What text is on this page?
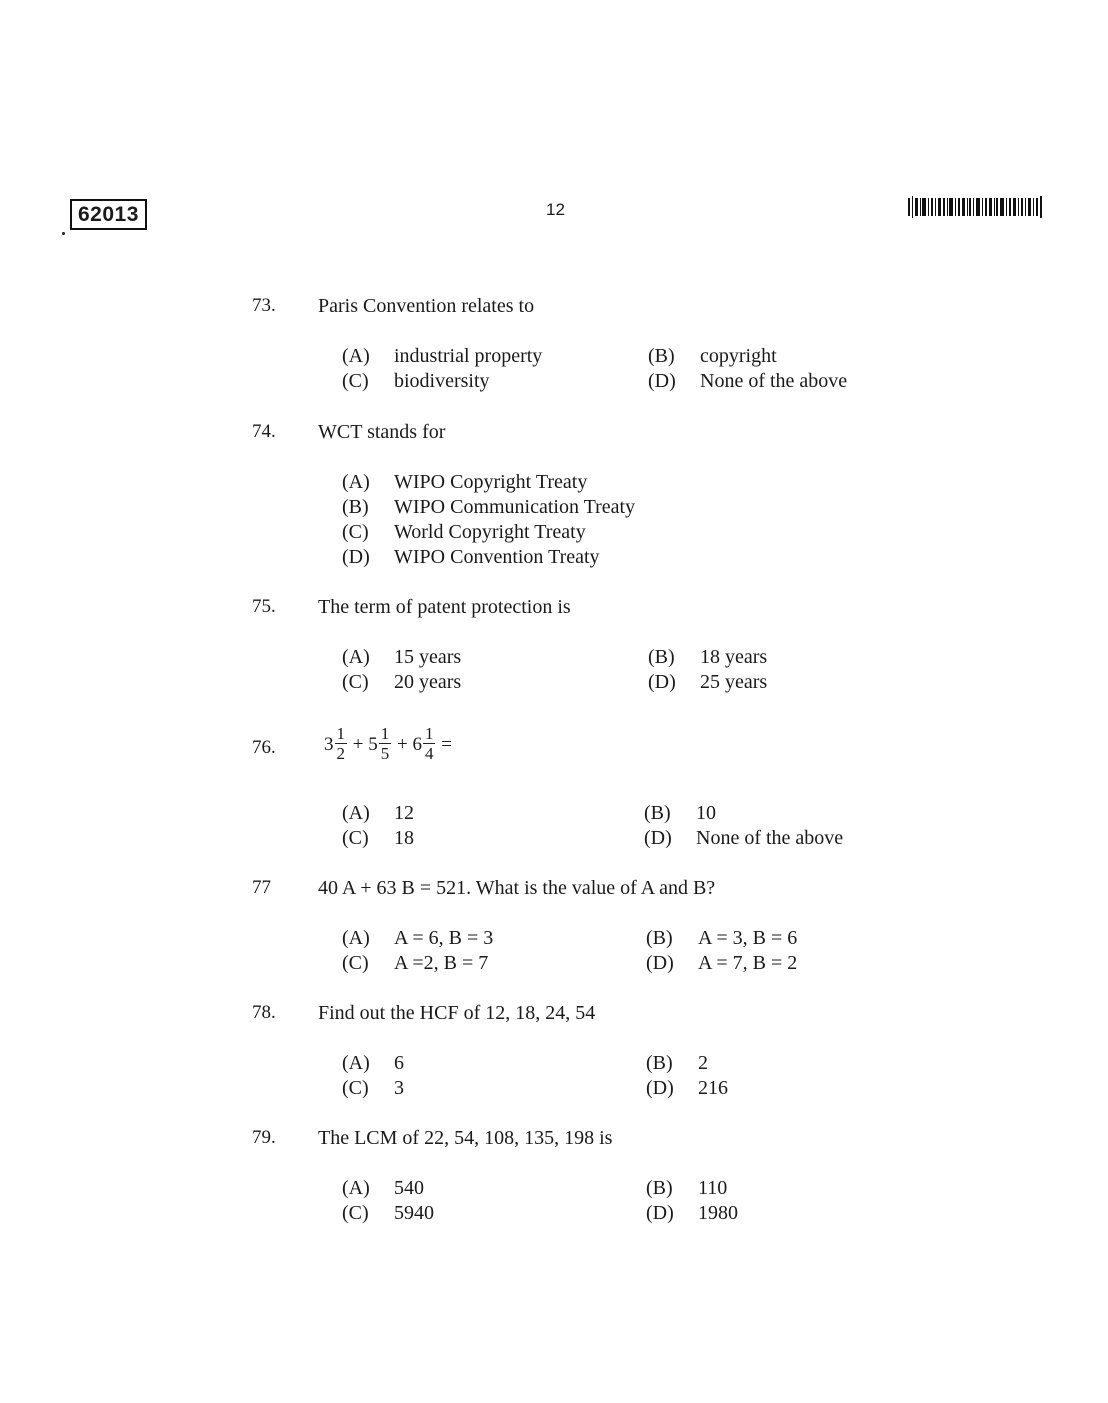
62013	12
73. Paris Convention relates to
(A) industrial property	(B) copyright
(C) biodiversity	(D) None of the above
74. WCT stands for
(A) WIPO Copyright Treaty
(B) WIPO Communication Treaty
(C) World Copyright Treaty
(D) WIPO Convention Treaty
75. The term of patent protection is
(A) 15 years	(B) 18 years
(C) 20 years	(D) 25 years
76.	$3 \frac{1}{2} + 5 \frac{1}{5} + 6 \frac{1}{4}$ =
(A) 12	(B) 10
(C) 18	(D) None of the above
77 40 A + 63 B = 521. What is the value of A and B?
(A) A = 6, B = 3	(B) A = 3, B = 6
(C) A =2, B = 7	(D) A = 7, B = 2
78. Find out the HCF of 12, 18, 24, 54
(A) 6	(B) 2
(C) 3	(D) 216
79. The LCM of 22, 54, 108, 135, 198 is
(A) 540	(B) 110
(C) 5940	(D) 1980
